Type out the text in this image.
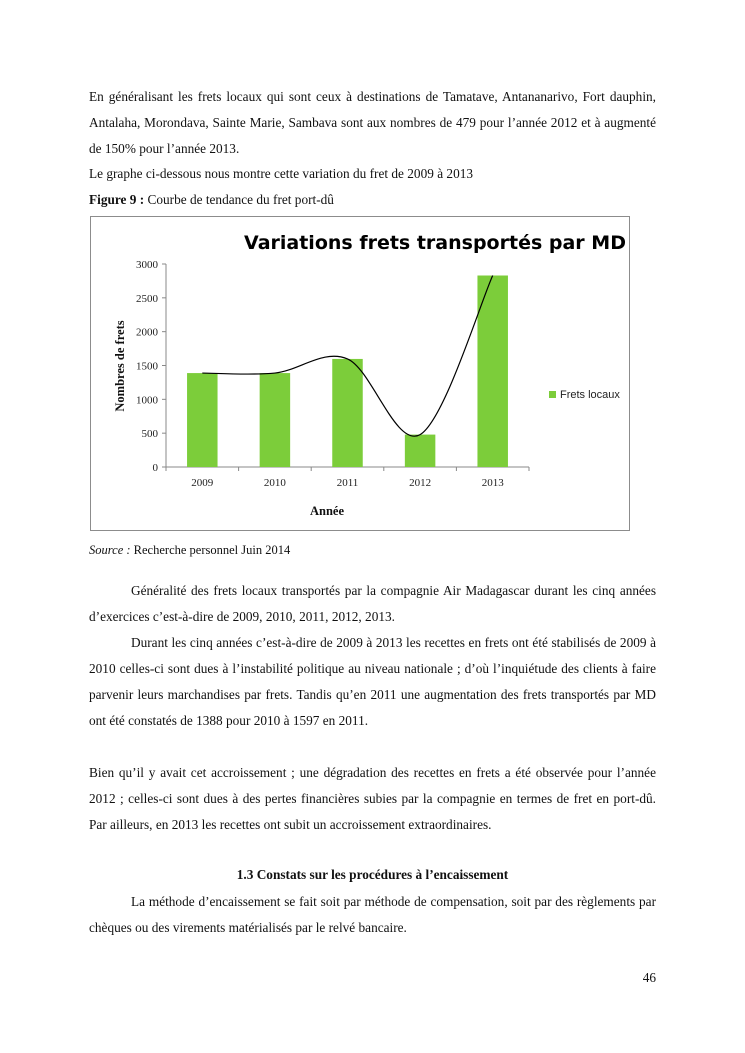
En généralisant les frets locaux qui sont ceux à destinations de Tamatave, Antananarivo, Fort dauphin, Antalaha, Morondava, Sainte Marie, Sambava sont aux nombres de 479 pour l’année 2012 et à augmenté de 150% pour l’année 2013.

Le graphe ci-dessous nous montre cette variation du fret de 2009 à 2013

Figure 9 : Courbe de tendance du fret port-dû

Variations frets transportés par MD
Nombres de frets
Année
0
500
1000
1500
2000
2500
3000
2009	2010	2011	2012	2013
Frets locaux

Source : Recherche personnel Juin 2014

Généralité des frets locaux transportés par la compagnie Air Madagascar durant les cinq années d’exercices c’est-à-dire de 2009, 2010, 2011, 2012, 2013.

Durant les cinq années c’est-à-dire de 2009 à 2013 les recettes en frets ont été stabilisés de 2009 à 2010 celles-ci sont dues à l’instabilité politique au niveau nationale ; d’où l’inquiétude des clients à faire parvenir leurs marchandises par frets. Tandis qu’en 2011 une augmentation des frets transportés par MD ont été constatés de 1388 pour 2010 à 1597 en 2011.

Bien qu’il y avait cet accroissement ; une dégradation des recettes en frets a été observée pour l’année 2012 ; celles-ci sont dues à des pertes financières subies par la compagnie en termes de fret en port-dû. Par ailleurs, en 2013 les recettes ont subit un accroissement extraordinaires.

1.3 Constats sur les procédures à l’encaissement

La méthode d’encaissement se fait soit par méthode de compensation, soit par des règlements par chèques ou des virements matérialisés par le relvé bancaire.

46
